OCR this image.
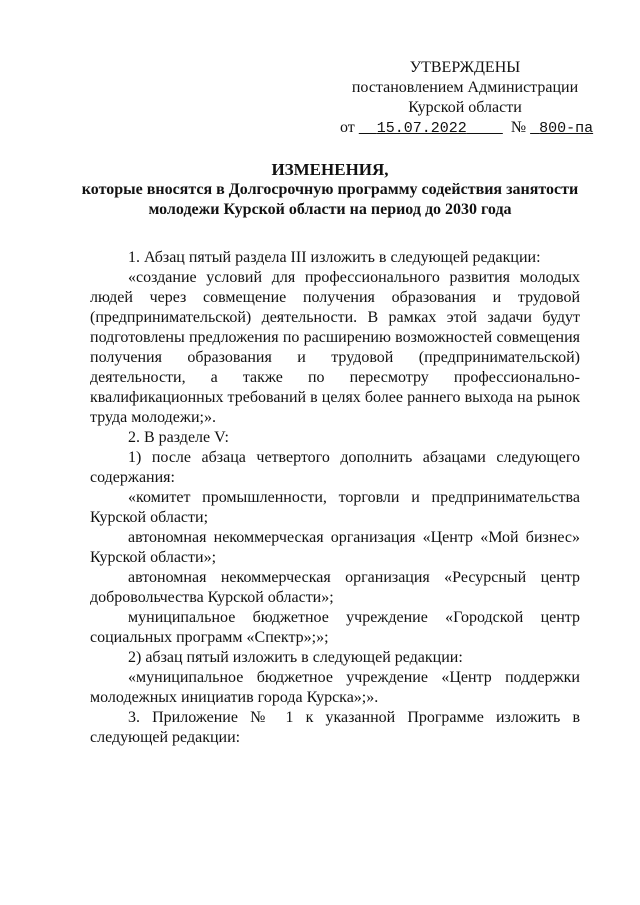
УТВЕРЖДЕНЫ
постановлением Администрации
Курской области
от 15.07.2022	№ 800-па
ИЗМЕНЕНИЯ,
которые вносятся в Долгосрочную программу содействия занятости
молодежи Курской области на период до 2030 года

1. Абзац пятый раздела III изложить в следующей редакции:

«создание условий для профессионального развития молодых людей через совмещение получения образования и трудовой (предпринимательской) деятельности. В рамках этой задачи будут подготовлены предложения по расширению возможностей совмещения получения образования и трудовой (предпринимательской) деятельности, а также по пересмотру профессионально-квалификационных требований в целях более раннего выхода на рынок труда молодежи;».

2. В разделе V:

1) после абзаца четвертого дополнить абзацами следующего содержания:

«комитет промышленности, торговли и предпринимательства Курской области;

автономная некоммерческая организация «Центр «Мой бизнес» Курской области»;

автономная некоммерческая организация «Ресурсный центр добровольчества Курской области»;

муниципальное бюджетное учреждение «Городской центр социальных программ «Спектр»;»;

2) абзац пятый изложить в следующей редакции:

«муниципальное бюджетное учреждение «Центр поддержки молодежных инициатив города Курска»;».

3. Приложение № 1 к указанной Программе изложить в следующей редакции:
